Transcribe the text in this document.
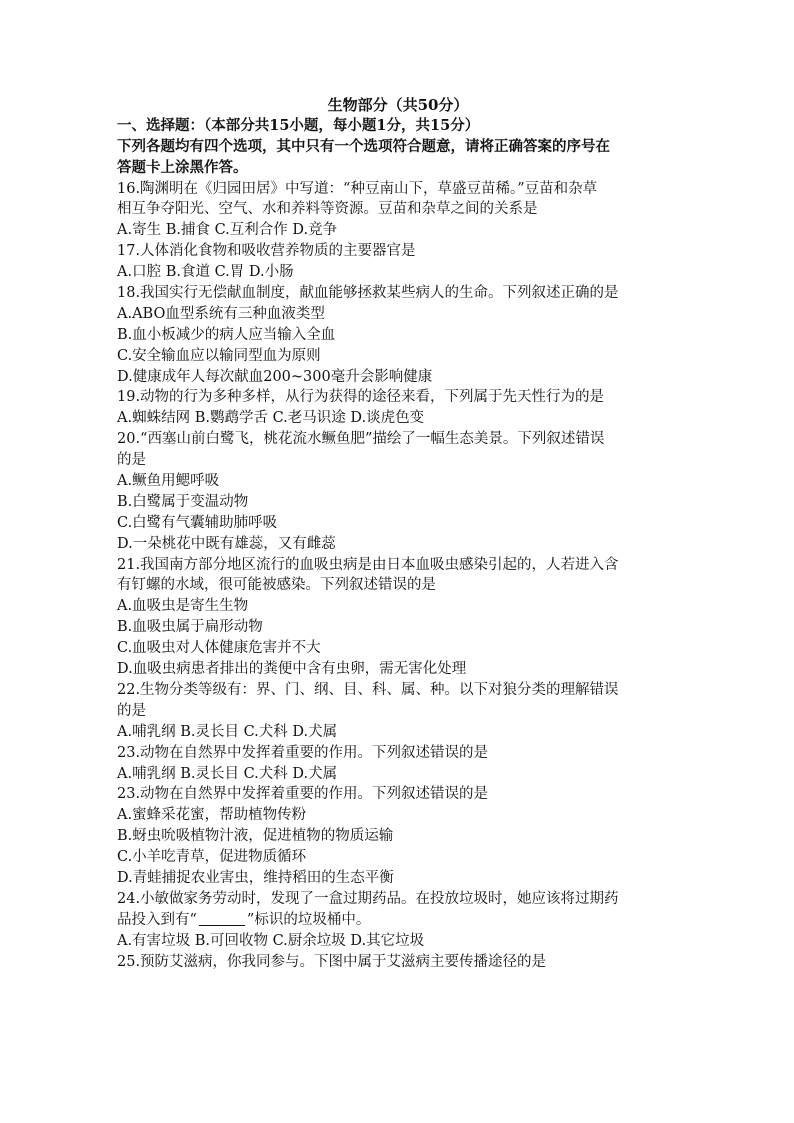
生物部分（共50分）
一、选择题：（本部分共15小题，每小题1分，共15分）
下列各题均有四个选项，其中只有一个选项符合题意，请将正确答案的序号在
答题卡上涂黑作答。
16.陶渊明在《归园田居》中写道：“种豆南山下，草盛豆苗稀。”豆苗和杂草
相互争夺阳光、空气、水和养料等资源。豆苗和杂草之间的关系是
A.寄生 B.捕食 C.互利合作 D.竞争
17.人体消化食物和吸收营养物质的主要器官是
A.口腔 B.食道 C.胃 D.小肠
18.我国实行无偿献血制度，献血能够拯救某些病人的生命。下列叙述正确的是
A.ABO血型系统有三种血液类型
B.血小板减少的病人应当输入全血
C.安全输血应以输同型血为原则
D.健康成年人每次献血200~300毫升会影响健康
19.动物的行为多种多样，从行为获得的途径来看，下列属于先天性行为的是
A.蜘蛛结网 B.鹦鹉学舌 C.老马识途 D.谈虎色变
20.“西塞山前白鹭飞，桃花流水鳜鱼肥”描绘了一幅生态美景。下列叙述错误
的是
A.鳜鱼用鳃呼吸
B.白鹭属于变温动物
C.白鹭有气囊辅助肺呼吸
D.一朵桃花中既有雄蕊，又有雌蕊
21.我国南方部分地区流行的血吸虫病是由日本血吸虫感染引起的，人若进入含
有钉螺的水域，很可能被感染。下列叙述错误的是
A.血吸虫是寄生生物
B.血吸虫属于扁形动物
C.血吸虫对人体健康危害并不大
D.血吸虫病患者排出的粪便中含有虫卵，需无害化处理
22.生物分类等级有：界、门、纲、目、科、属、种。以下对狼分类的理解错误
的是
A.哺乳纲 B.灵长目 C.犬科 D.犬属
23.动物在自然界中发挥着重要的作用。下列叙述错误的是
A.哺乳纲 B.灵长目 C.犬科 D.犬属
23.动物在自然界中发挥着重要的作用。下列叙述错误的是
A.蜜蜂采花蜜，帮助植物传粉
B.蚜虫吮吸植物汁液，促进植物的物质运输
C.小羊吃青草，促进物质循环
D.青蛙捕捉农业害虫，维持稻田的生态平衡
24.小敏做家务劳动时，发现了一盒过期药品。在投放垃圾时，她应该将过期药
品投入到有“	”标识的垃圾桶中。
A.有害垃圾 B.可回收物 C.厨余垃圾 D.其它垃圾
25.预防艾滋病，你我同参与。下图中属于艾滋病主要传播途径的是
